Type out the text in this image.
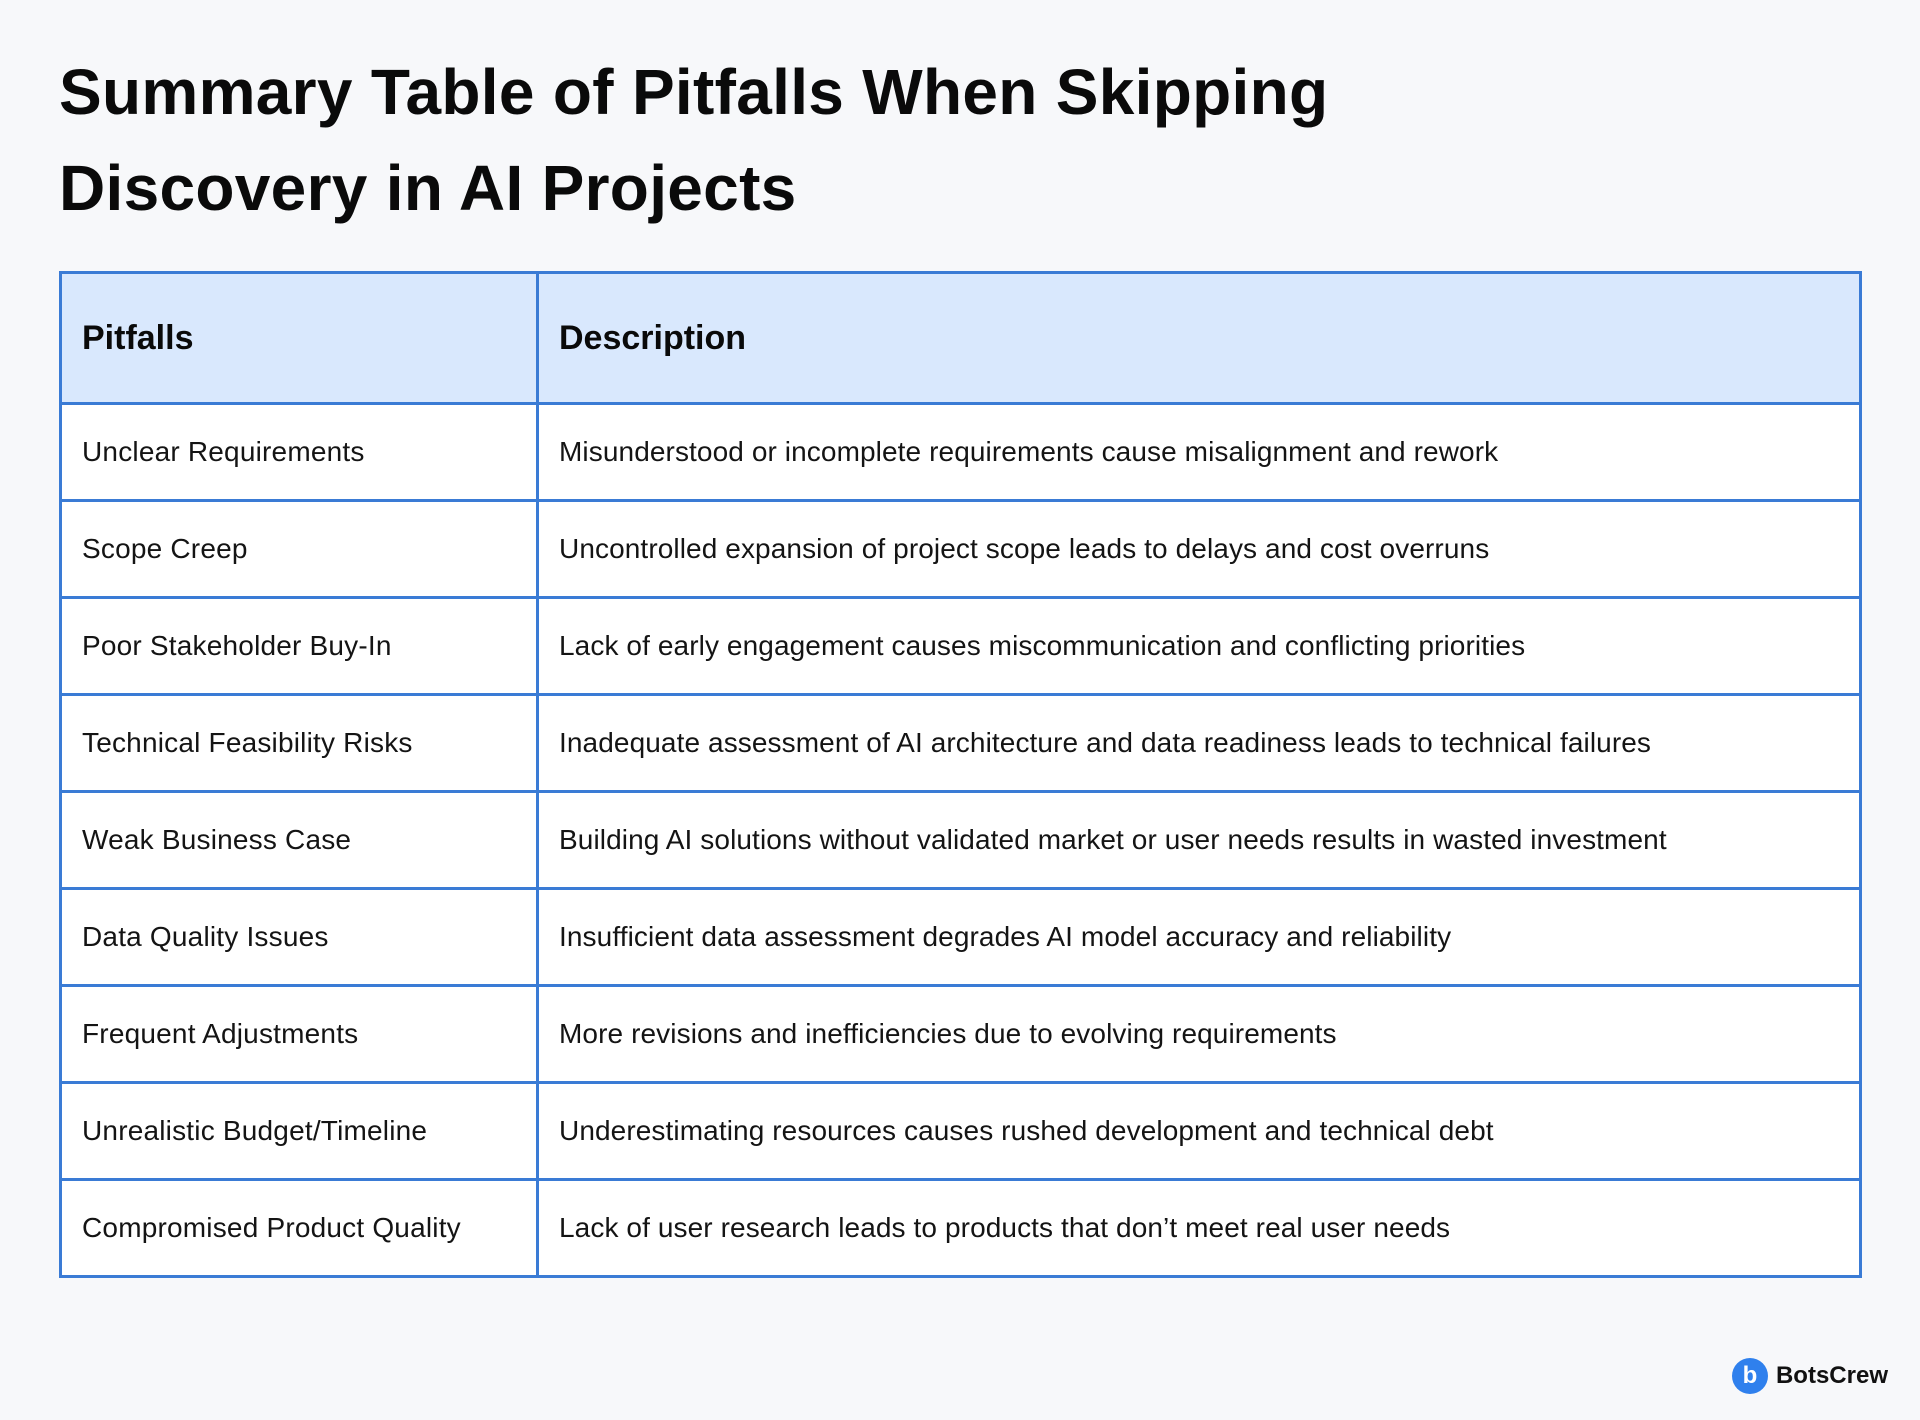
Summary Table of Pitfalls When Skipping
Discovery in AI Projects
Pitfalls	Description
Unclear Requirements	Misunderstood or incomplete requirements cause misalignment and rework
Scope Creep	Uncontrolled expansion of project scope leads to delays and cost overruns
Poor Stakeholder Buy-In	Lack of early engagement causes miscommunication and conflicting priorities
Technical Feasibility Risks	Inadequate assessment of AI architecture and data readiness leads to technical failures
Weak Business Case	Building AI solutions without validated market or user needs results in wasted investment
Data Quality Issues	Insufficient data assessment degrades AI model accuracy and reliability
Frequent Adjustments	More revisions and inefficiencies due to evolving requirements
Unrealistic Budget/Timeline	Underestimating resources causes rushed development and technical debt
Compromised Product Quality	Lack of user research leads to products that don’t meet real user needs
b BotsCrew
